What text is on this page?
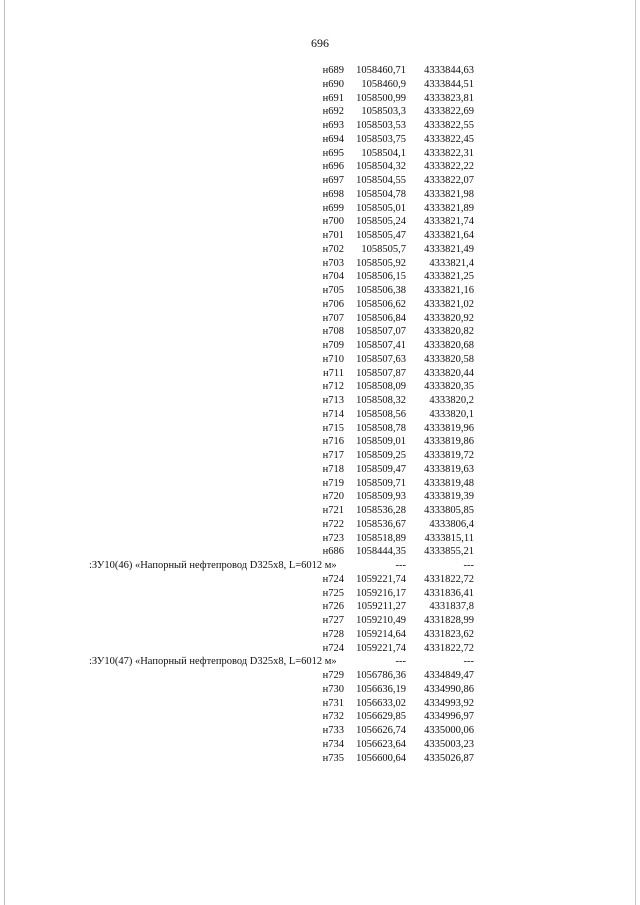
696
н689 1058460,71 4333844,63
н690 1058460,9 4333844,51
н691 1058500,99 4333823,81
н692 1058503,3 4333822,69
н693 1058503,53 4333822,55
н694 1058503,75 4333822,45
н695 1058504,1 4333822,31
н696 1058504,32 4333822,22
н697 1058504,55 4333822,07
н698 1058504,78 4333821,98
н699 1058505,01 4333821,89
н700 1058505,24 4333821,74
н701 1058505,47 4333821,64
н702 1058505,7 4333821,49
н703 1058505,92 4333821,4
н704 1058506,15 4333821,25
н705 1058506,38 4333821,16
н706 1058506,62 4333821,02
н707 1058506,84 4333820,92
н708 1058507,07 4333820,82
н709 1058507,41 4333820,68
н710 1058507,63 4333820,58
н711 1058507,87 4333820,44
н712 1058508,09 4333820,35
н713 1058508,32 4333820,2
н714 1058508,56 4333820,1
н715 1058508,78 4333819,96
н716 1058509,01 4333819,86
н717 1058509,25 4333819,72
н718 1058509,47 4333819,63
н719 1058509,71 4333819,48
н720 1058509,93 4333819,39
н721 1058536,28 4333805,85
н722 1058536,67 4333806,4
н723 1058518,89 4333815,11
н686 1058444,35 4333855,21
:ЗУ10(46) «Напорный нефтепровод D325x8, L=6012 м»	---	---
н724 1059221,74 4331822,72
н725 1059216,17 4331836,41
н726 1059211,27 4331837,8
н727 1059210,49 4331828,99
н728 1059214,64 4331823,62
н724 1059221,74 4331822,72
:ЗУ10(47) «Напорный нефтепровод D325x8, L=6012 м»	---	---
н729 1056786,36 4334849,47
н730 1056636,19 4334990,86
н731 1056633,02 4334993,92
н732 1056629,85 4334996,97
н733 1056626,74 4335000,06
н734 1056623,64 4335003,23
н735 1056600,64 4335026,87
